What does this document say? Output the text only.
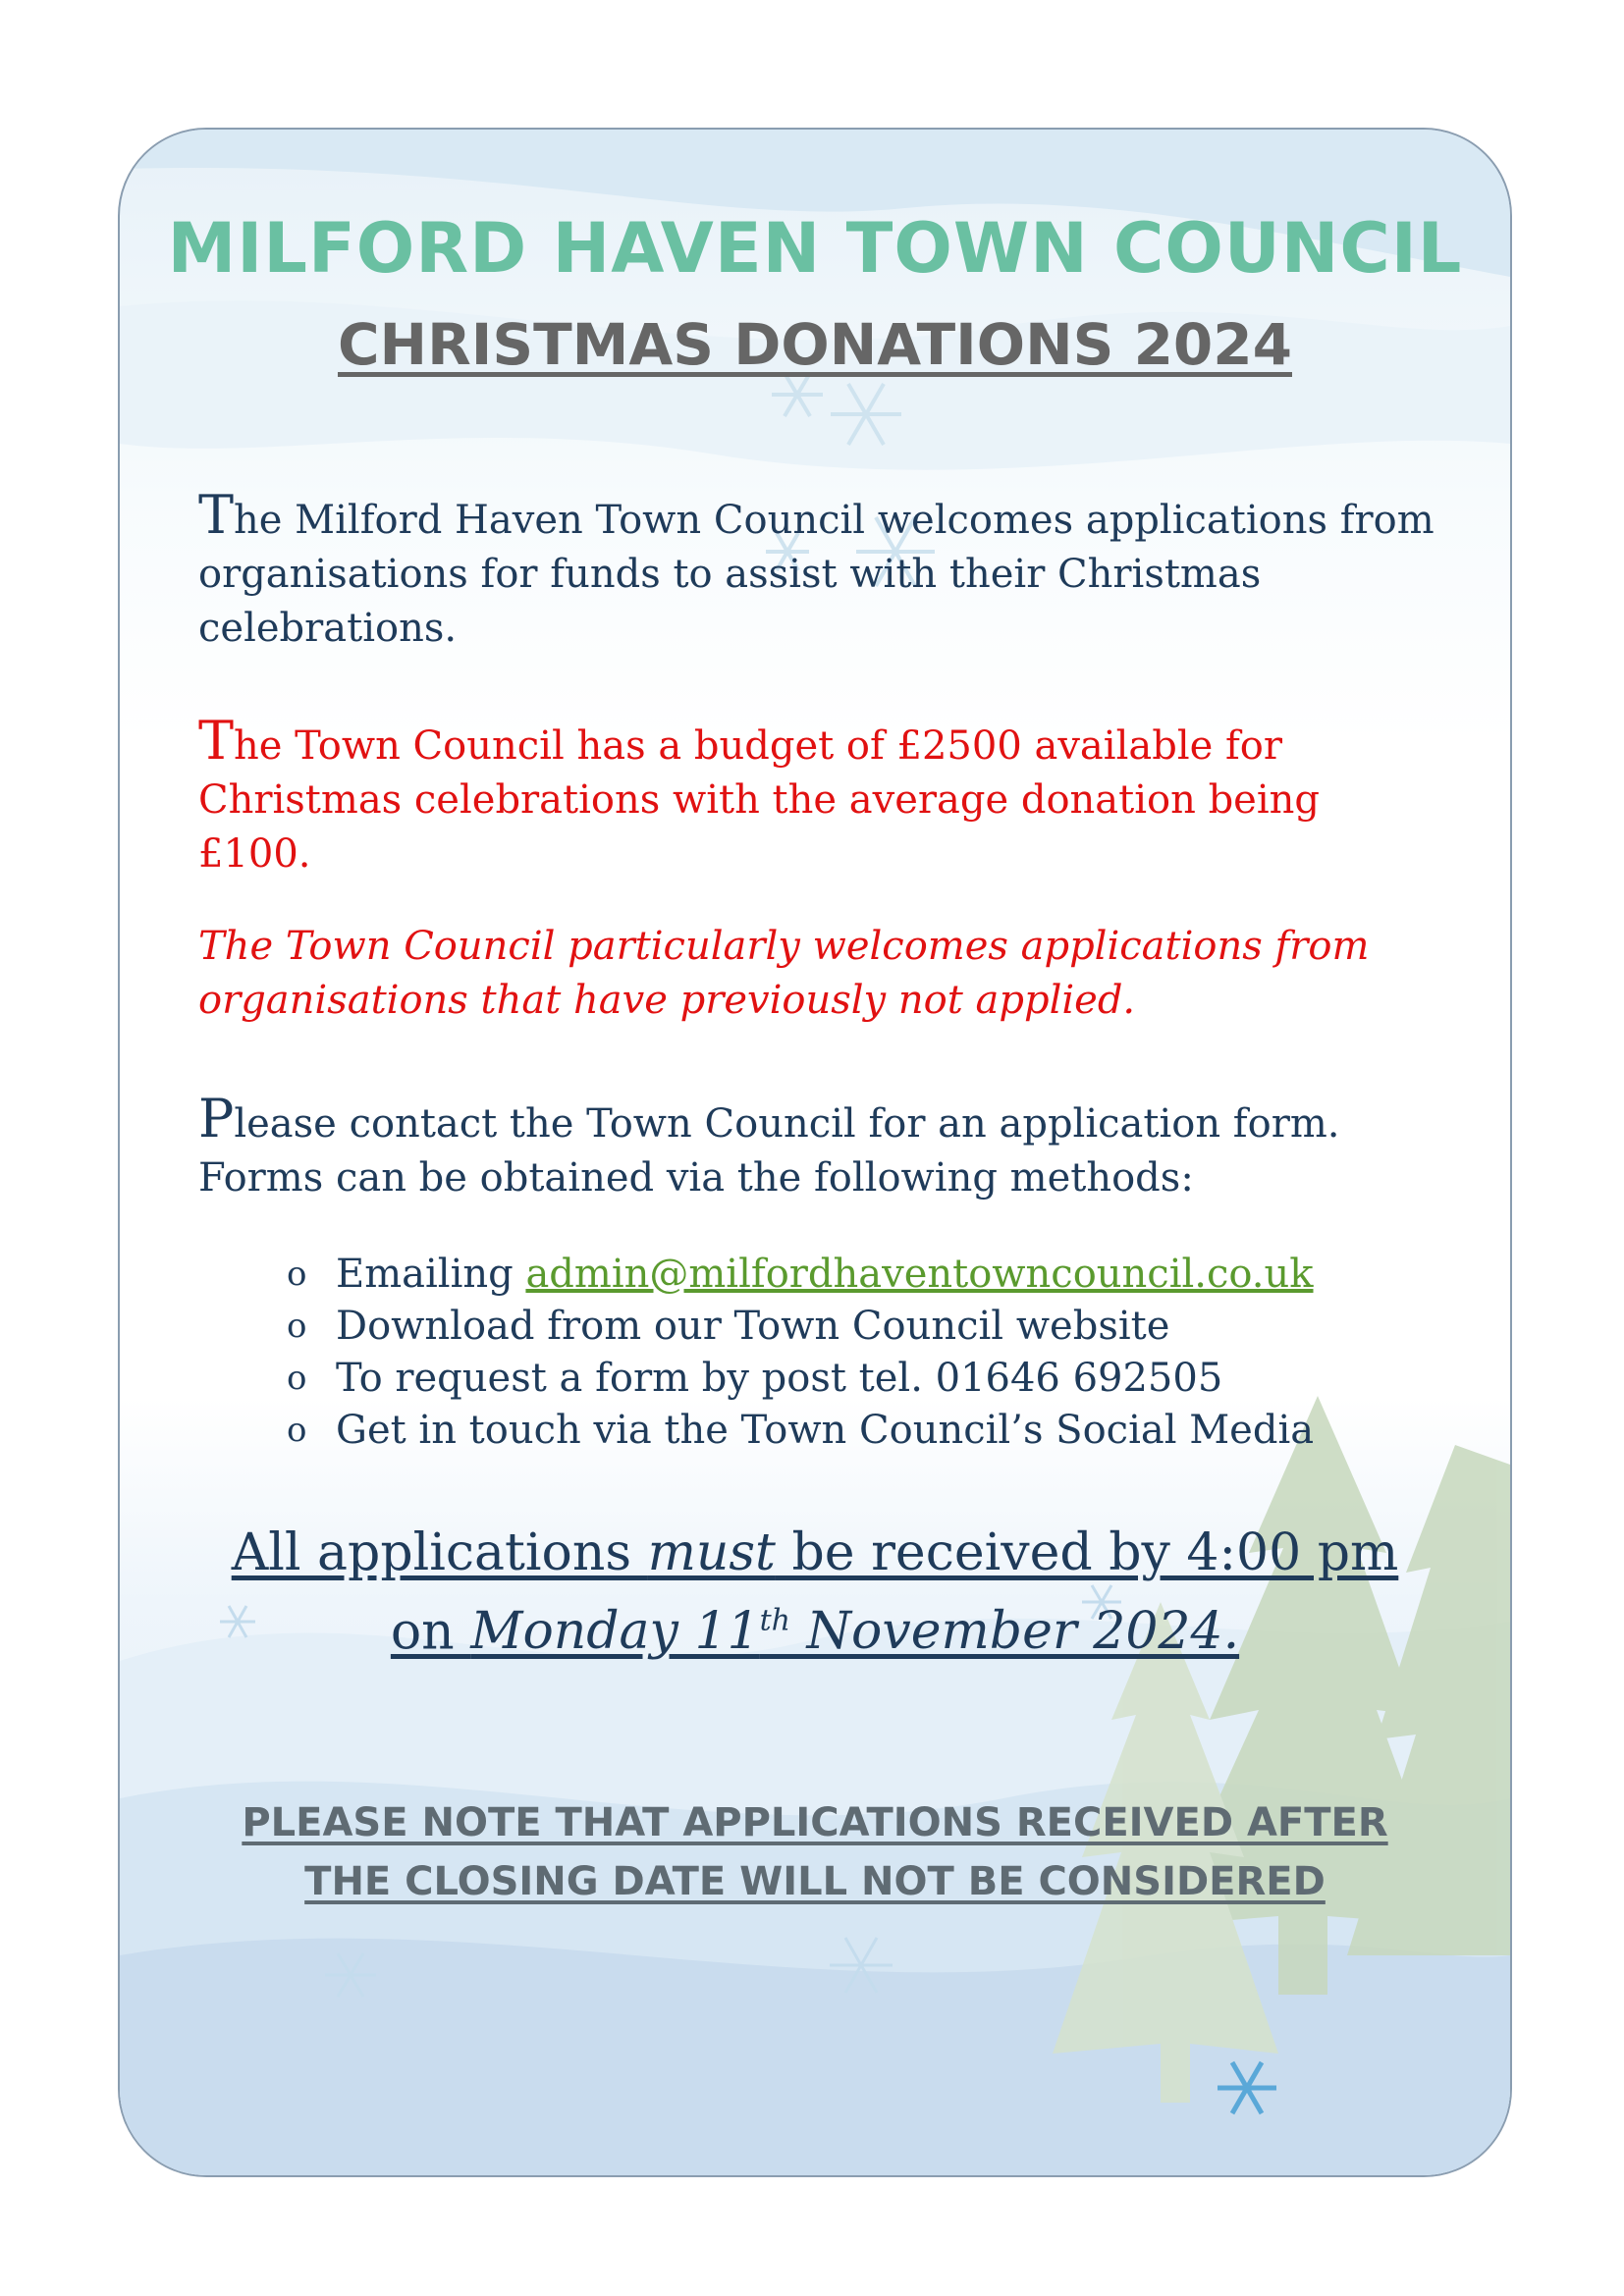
MILFORD HAVEN TOWN COUNCIL
CHRISTMAS DONATIONS 2024

The Milford Haven Town Council welcomes applications from organisations for funds to assist with their Christmas celebrations.

The Town Council has a budget of £2500 available for Christmas celebrations with the average donation being £100.

The Town Council particularly welcomes applications from organisations that have previously not applied.

Please contact the Town Council for an application form. Forms can be obtained via the following methods:

o Emailing admin@milfordhaventowncouncil.co.uk
o Download from our Town Council website
o To request a form by post tel. 01646 692505
o Get in touch via the Town Council’s Social Media

All applications must be received by 4:00 pm
on Monday 11th November 2024.

PLEASE NOTE THAT APPLICATIONS RECEIVED AFTER
THE CLOSING DATE WILL NOT BE CONSIDERED
